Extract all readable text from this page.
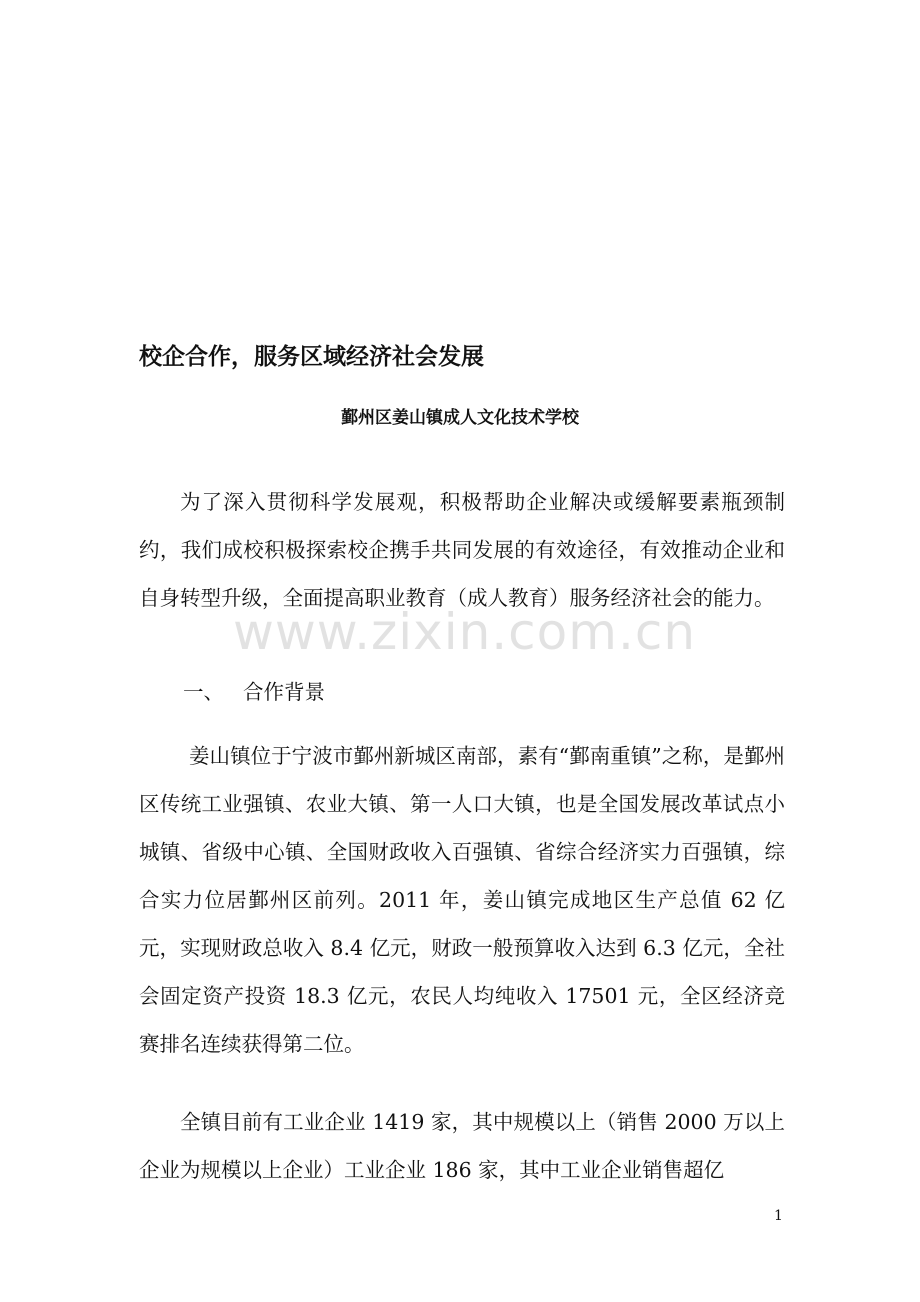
www.zixin.com.cn
校企合作，服务区域经济社会发展
鄞州区姜山镇成人文化技术学校

为了深入贯彻科学发展观，积极帮助企业解决或缓解要素瓶颈制约，我们成校积极探索校企携手共同发展的有效途径，有效推动企业和自身转型升级，全面提高职业教育（成人教育）服务经济社会的能力。

一、 合作背景

姜山镇位于宁波市鄞州新城区南部，素有“鄞南重镇”之称，是鄞州区传统工业强镇、农业大镇、第一人口大镇，也是全国发展改革试点小城镇、省级中心镇、全国财政收入百强镇、省综合经济实力百强镇，综合实力位居鄞州区前列。2011 年，姜山镇完成地区生产总值 62 亿元，实现财政总收入 8.4 亿元，财政一般预算收入达到 6.3 亿元，全社会固定资产投资 18.3 亿元，农民人均纯收入 17501 元，全区经济竞赛排名连续获得第二位。

全镇目前有工业企业 1419 家，其中规模以上（销售 2000 万以上企业为规模以上企业）工业企业 186 家，其中工业企业销售超亿

1
